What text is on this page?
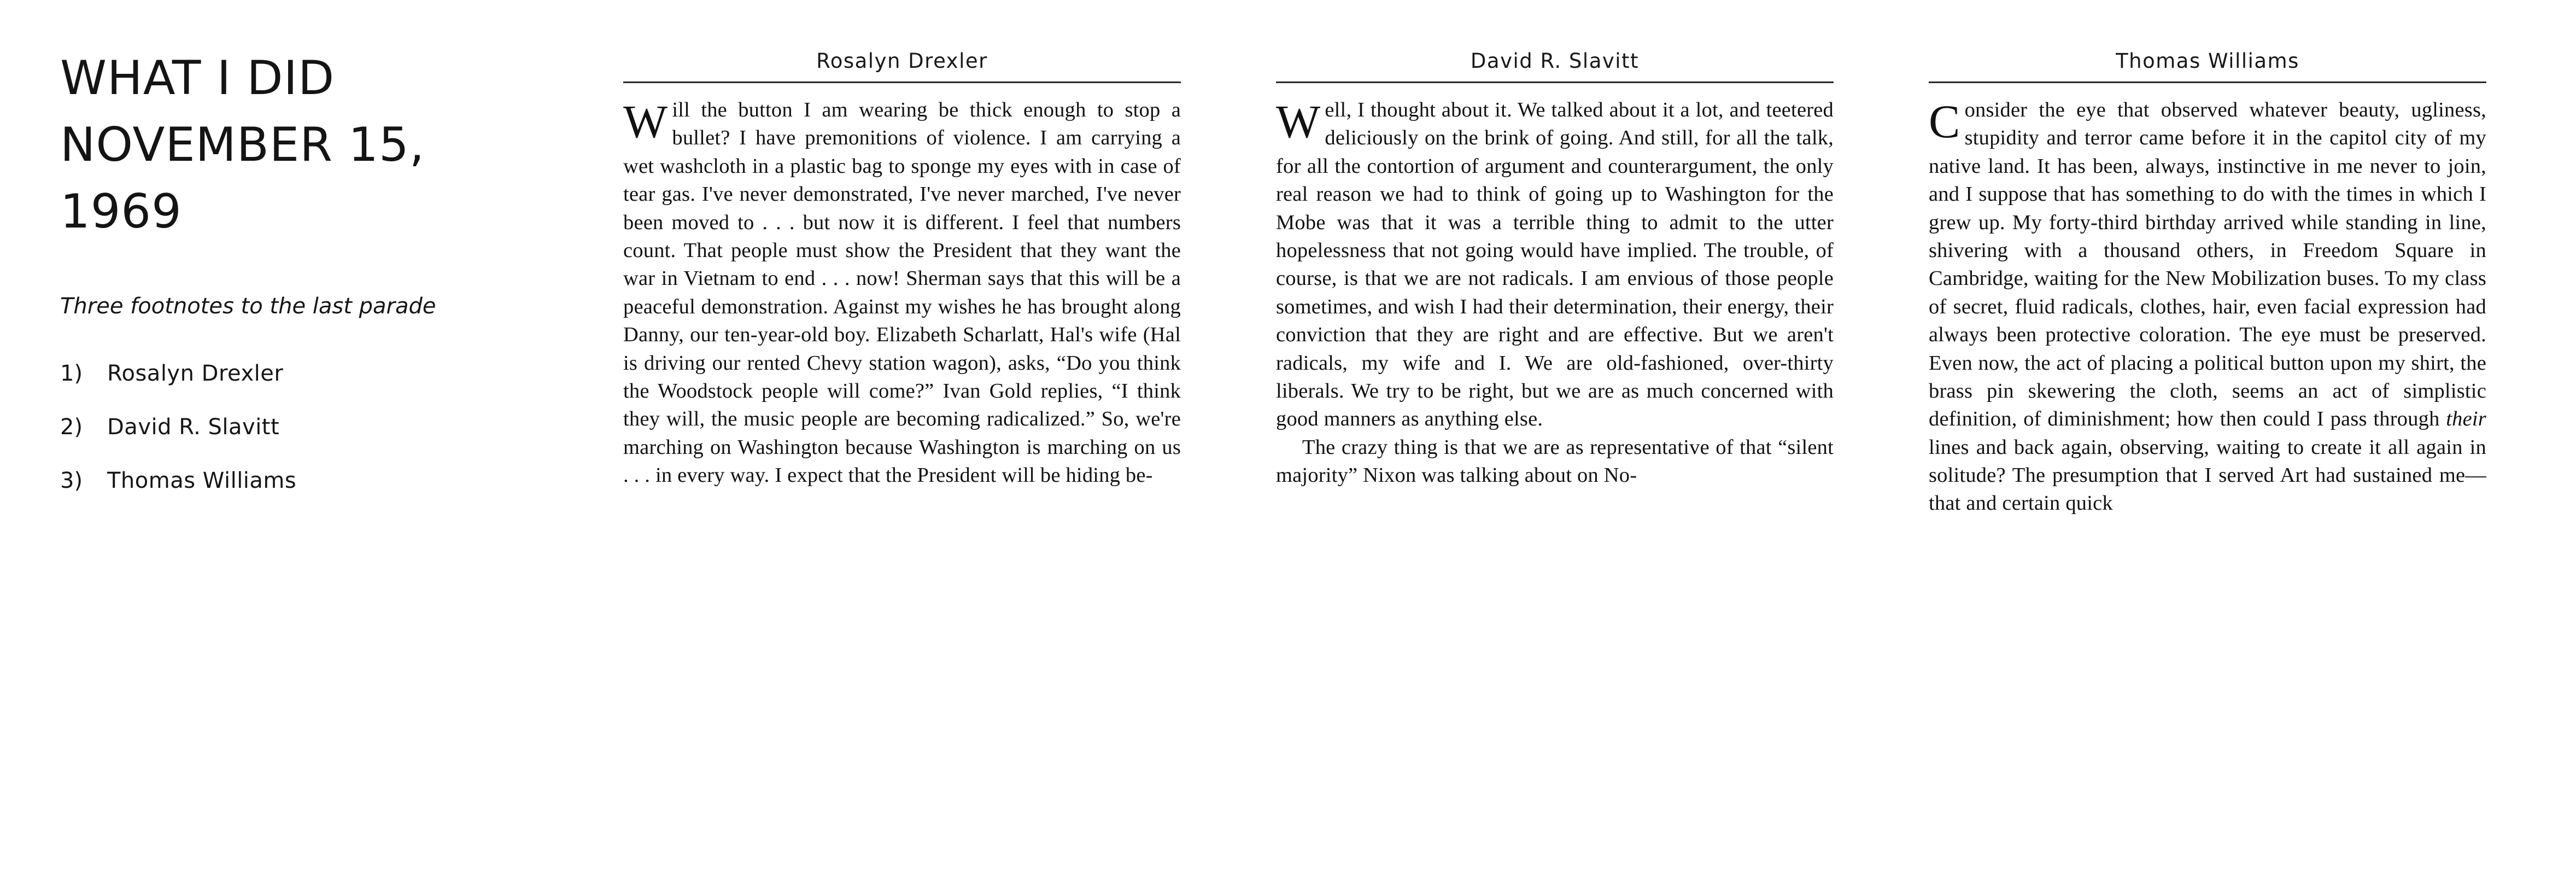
WHAT I DID
NOVEMBER 15,
1969
Three footnotes to the last parade
1)	Rosalyn Drexler
2)	David R. Slavitt
3)	Thomas Williams
Rosalyn Drexler

Will the button I am wearing be thick enough to stop a bullet? I have premonitions of violence. I am carrying a wet washcloth in a plastic bag to sponge my eyes with in case of tear gas. I've never demonstrated, I've never marched, I've never been moved to . . . but now it is different. I feel that numbers count. That people must show the President that they want the war in Vietnam to end . . . now! Sherman says that this will be a peaceful demonstration. Against my wishes he has brought along Danny, our ten-year-old boy. Elizabeth Scharlatt, Hal's wife (Hal is driving our rented Chevy station wagon), asks, “Do you think the Woodstock people will come?” Ivan Gold replies, “I think they will, the music people are becoming radicalized.” So, we're marching on Washington because Washington is marching on us . . . in every way. I expect that the President will be hiding be-

David R. Slavitt

Well, I thought about it. We talked about it a lot, and teetered deliciously on the brink of going. And still, for all the talk, for all the contortion of argument and counterargument, the only real reason we had to think of going up to Washington for the Mobe was that it was a terrible thing to admit to the utter hopelessness that not going would have implied. The trouble, of course, is that we are not radicals. I am envious of those people sometimes, and wish I had their determination, their energy, their conviction that they are right and are effective. But we aren't radicals, my wife and I. We are old-fashioned, over-thirty liberals. We try to be right, but we are as much concerned with good manners as anything else.

The crazy thing is that we are as representative of that “silent majority” Nixon was talking about on No-

Thomas Williams

Consider the eye that observed whatever beauty, ugliness, stupidity and terror came before it in the capitol city of my native land. It has been, always, instinctive in me never to join, and I suppose that has something to do with the times in which I grew up. My forty-third birthday arrived while standing in line, shivering with a thousand others, in Freedom Square in Cambridge, waiting for the New Mobilization buses. To my class of secret, fluid radicals, clothes, hair, even facial expression had always been protective coloration. The eye must be preserved. Even now, the act of placing a political button upon my shirt, the brass pin skewering the cloth, seems an act of simplistic definition, of diminishment; how then could I pass through their lines and back again, observing, waiting to create it all again in solitude? The presumption that I served Art had sustained me—that and certain quick
